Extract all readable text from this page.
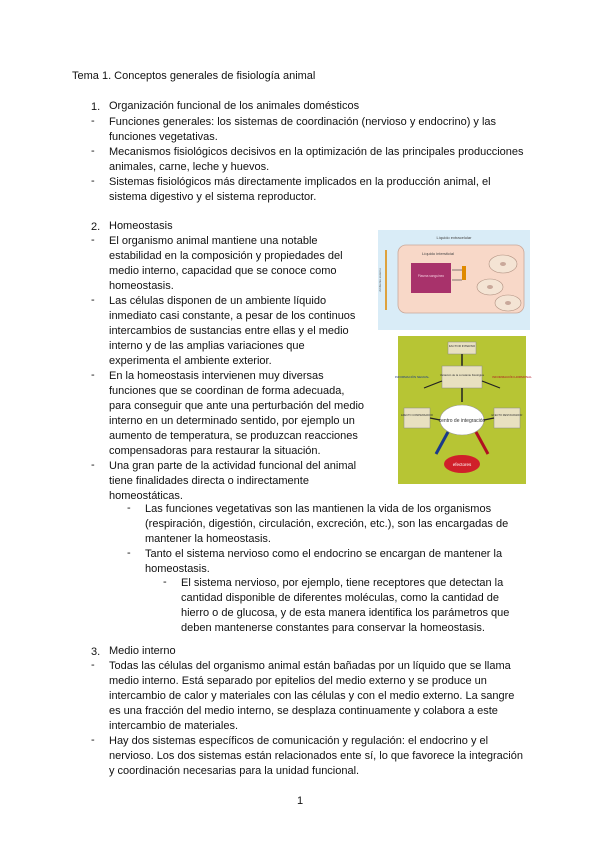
Tema 1. Conceptos generales de fisiología animal
1. Organización funcional de los animales domésticos
- Funciones generales: los sistemas de coordinación (nervioso y endocrino) y las
funciones vegetativas.
- Mecanismos fisiológicos decisivos en la optimización de las principales producciones
animales, carne, leche y huevos.
- Sistemas fisiológicos más directamente implicados en la producción animal, el
sistema digestivo y el sistema reproductor.
2. Homeostasis
- El organismo animal mantiene una notable
estabilidad en la composición y propiedades del
medio interno, capacidad que se conoce como
homeostasis.
- Las células disponen de un ambiente líquido
inmediato casi constante, a pesar de los continuos
intercambios de sustancias entre ellas y el medio
interno y de las amplias variaciones que
experimenta el ambiente exterior.
- En la homeostasis intervienen muy diversas
funciones que se coordinan de forma adecuada,
para conseguir que ante una perturbación del medio
interno en un determinado sentido, por ejemplo un
aumento de temperatura, se produzcan reacciones
compensadoras para restaurar la situación.
- Una gran parte de la actividad funcional del animal
tiene finalidades directa o indirectamente
homeostáticas.
- Las funciones vegetativas son las mantienen la vida de los organismos
(respiración, digestión, circulación, excreción, etc.), son las encargadas de
mantener la homeostasis.
- Tanto el sistema nervioso como el endocrino se encargan de mantener la
homeostasis.
- El sistema nervioso, por ejemplo, tiene receptores que detectan la
cantidad disponible de diferentes moléculas, como la cantidad de
hierro o de glucosa, y de esta manera identifica los parámetros que
deben mantenerse constantes para conservar la homeostasis.
3. Medio interno
- Todas las células del organismo animal están bañadas por un líquido que se llama
medio interno. Está separado por epitelios del medio externo y se produce un
intercambio de calor y materiales con las células y con el medio externo. La sangre
es una fracción del medio interno, se desplaza continuamente y colabora a este
intercambio de materiales.
- Hay dos sistemas específicos de comunicación y regulación: el endocrino y el
nervioso. Los dos sistemas están relacionados ente sí, lo que favorece la integración
y coordinación necesarias para la unidad funcional.
Líquido extracelular
Líquido intersticial
Plasma sanguíneo
Ambiente externo
FACTOR INTERNO
Variación de la constante fisiológica
INFORMACIÓN NEURAL	INFORMACIÓN HORMONAL
centro de integración
EFECTO COMPENSADOR	EFECTO RESTAURADOR
efectores
1
